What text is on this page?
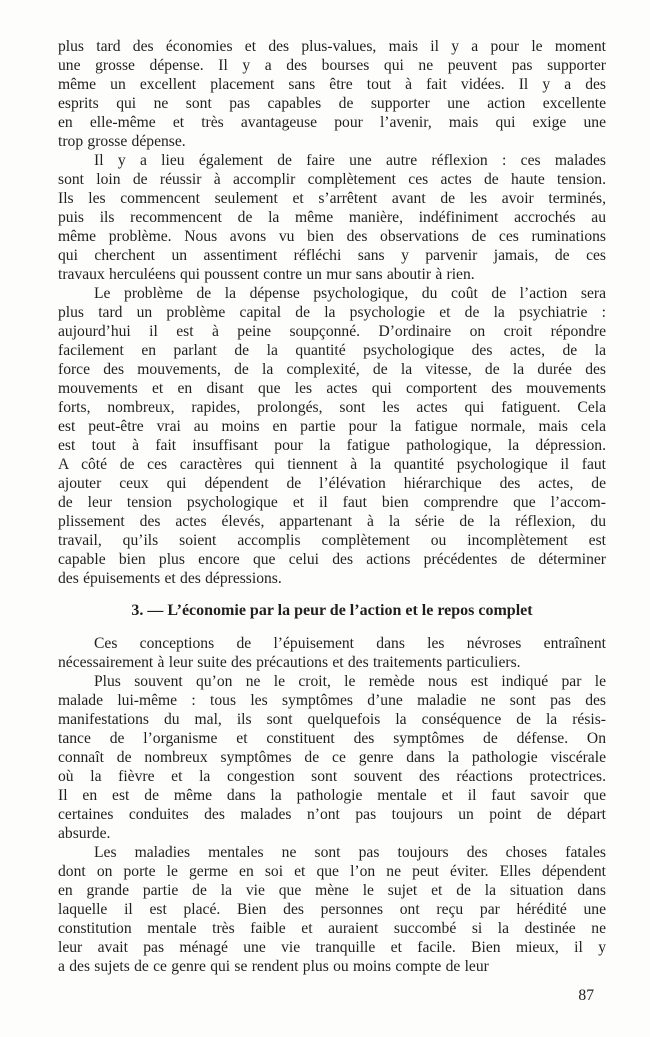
plus tard des économies et des plus-values, mais il y a pour le moment
une grosse dépense. Il y a des bourses qui ne peuvent pas supporter
même un excellent placement sans être tout à fait vidées. Il y a des
esprits qui ne sont pas capables de supporter une action excellente
en elle-même et très avantageuse pour l’avenir, mais qui exige une
trop grosse dépense.
Il y a lieu également de faire une autre réflexion : ces malades
sont loin de réussir à accomplir complètement ces actes de haute tension.
Ils les commencent seulement et s’arrêtent avant de les avoir terminés,
puis ils recommencent de la même manière, indéfiniment accrochés au
même problème. Nous avons vu bien des observations de ces ruminations
qui cherchent un assentiment réfléchi sans y parvenir jamais, de ces
travaux herculéens qui poussent contre un mur sans aboutir à rien.
Le problème de la dépense psychologique, du coût de l’action sera
plus tard un problème capital de la psychologie et de la psychiatrie :
aujourd’hui il est à peine soupçonné. D’ordinaire on croit répondre
facilement en parlant de la quantité psychologique des actes, de la
force des mouvements, de la complexité, de la vitesse, de la durée des
mouvements et en disant que les actes qui comportent des mouvements
forts, nombreux, rapides, prolongés, sont les actes qui fatiguent. Cela
est peut-être vrai au moins en partie pour la fatigue normale, mais cela
est tout à fait insuffisant pour la fatigue pathologique, la dépression.
A côté de ces caractères qui tiennent à la quantité psychologique il faut
ajouter ceux qui dépendent de l’élévation hiérarchique des actes, de
de leur tension psychologique et il faut bien comprendre que l’accom-
plissement des actes élevés, appartenant à la série de la réflexion, du
travail, qu’ils soient accomplis complètement ou incomplètement est
capable bien plus encore que celui des actions précédentes de déterminer
des épuisements et des dépressions.
3. — L’économie par la peur de l’action et le repos complet
Ces conceptions de l’épuisement dans les névroses entraînent
nécessairement à leur suite des précautions et des traitements particuliers.
Plus souvent qu’on ne le croit, le remède nous est indiqué par le
malade lui-même : tous les symptômes d’une maladie ne sont pas des
manifestations du mal, ils sont quelquefois la conséquence de la résis-
tance de l’organisme et constituent des symptômes de défense. On
connaît de nombreux symptômes de ce genre dans la pathologie viscérale
où la fièvre et la congestion sont souvent des réactions protectrices.
Il en est de même dans la pathologie mentale et il faut savoir que
certaines conduites des malades n’ont pas toujours un point de départ
absurde.
Les maladies mentales ne sont pas toujours des choses fatales
dont on porte le germe en soi et que l’on ne peut éviter. Elles dépendent
en grande partie de la vie que mène le sujet et de la situation dans
laquelle il est placé. Bien des personnes ont reçu par hérédité une
constitution mentale très faible et auraient succombé si la destinée ne
leur avait pas ménagé une vie tranquille et facile. Bien mieux, il y
a des sujets de ce genre qui se rendent plus ou moins compte de leur
87
